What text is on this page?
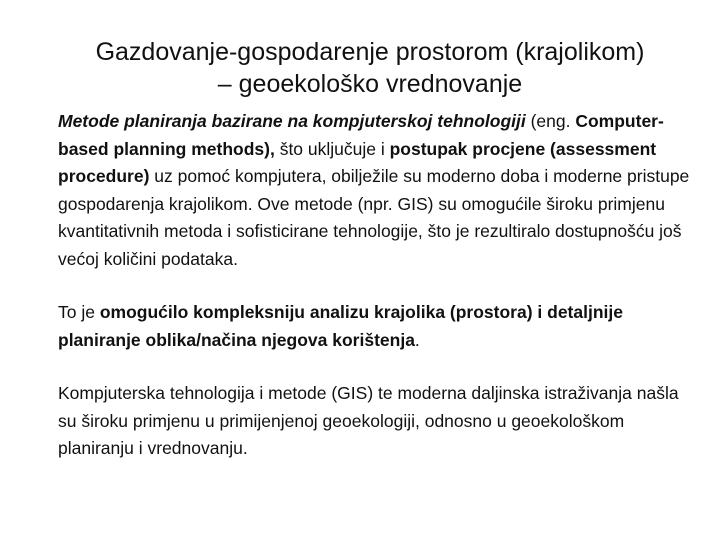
Gazdovanje-gospodarenje prostorom (krajolikom)
– geoekološko vrednovanje

Metode planiranja bazirane na kompjuterskoj tehnologiji (eng. Computer-based planning methods), što uključuje i postupak procjene (assessment procedure) uz pomoć kompjutera, obilježile su moderno doba i moderne pristupe gospodarenja krajolikom. Ove metode (npr. GIS) su omogućile široku primjenu kvantitativnih metoda i sofisticirane tehnologije, što je rezultiralo dostupnošću još većoj količini podataka.

To je omogućilo kompleksniju analizu krajolika (prostora) i detaljnije planiranje oblika/načina njegova korištenja.

Kompjuterska tehnologija i metode (GIS) te moderna daljinska istraživanja našla su široku primjenu u primijenjenoj geoekologiji, odnosno u geoekološkom planiranju i vrednovanju.
